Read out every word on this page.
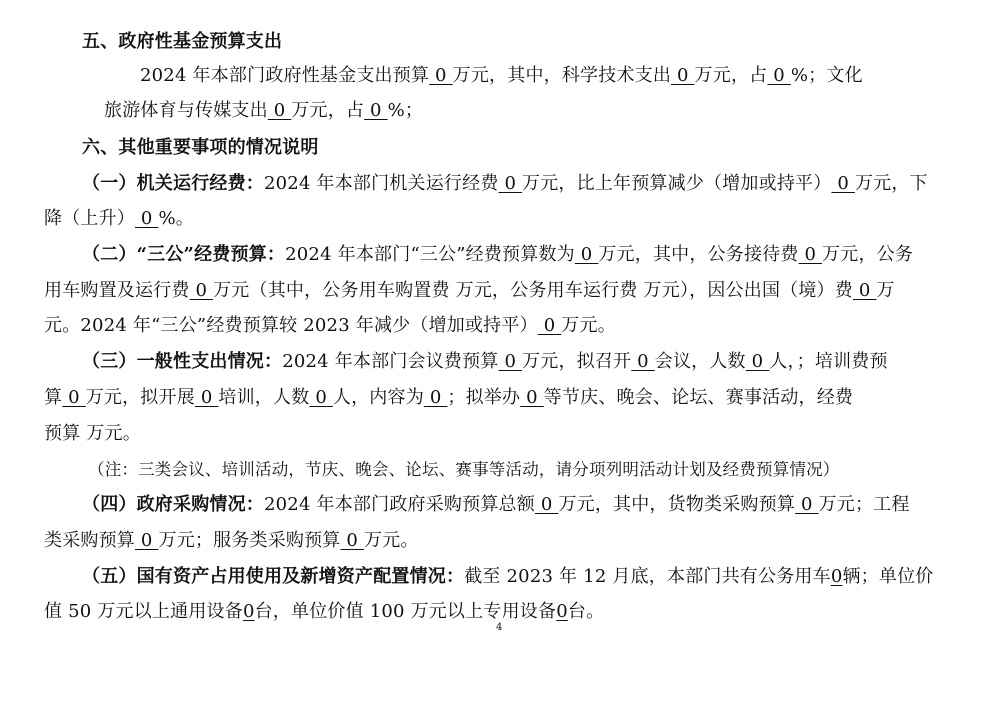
五、政府性基金预算支出
2024 年本部门政府性基金支出预算 0 万元，其中，科学技术支出 0 万元，占 0 %；文化
旅游体育与传媒支出 0 万元，占 0 %；
六、其他重要事项的情况说明
（一）机关运行经费：2024 年本部门机关运行经费 0 万元，比上年预算减少（增加或持平） 0 万元，下
降（上升） 0 %。
（二）“三公”经费预算：2024 年本部门“三公”经费预算数为 0 万元，其中，公务接待费 0 万元，公务
用车购置及运行费 0 万元（其中，公务用车购置费 万元，公务用车运行费 万元），因公出国（境）费 0 万
元。2024 年“三公”经费预算较 2023 年减少（增加或持平） 0 万元。
（三）一般性支出情况：2024 年本部门会议费预算 0 万元，拟召开 0 会议，人数 0 人，；培训费预
算 0 万元，拟开展 0 培训，人数 0 人，内容为 0 ；拟举办 0 等节庆、晚会、论坛、赛事活动，经费
预算 万元。
（注：三类会议、培训活动，节庆、晚会、论坛、赛事等活动，请分项列明活动计划及经费预算情况）
（四）政府采购情况：2024 年本部门政府采购预算总额 0 万元，其中，货物类采购预算 0 万元；工程
类采购预算 0 万元；服务类采购预算 0 万元。
（五）国有资产占用使用及新增资产配置情况：截至 2023 年 12 月底，本部门共有公务用车0辆；单位价
值 50 万元以上通用设备0台，单位价值 100 万元以上专用设备0台。
4
